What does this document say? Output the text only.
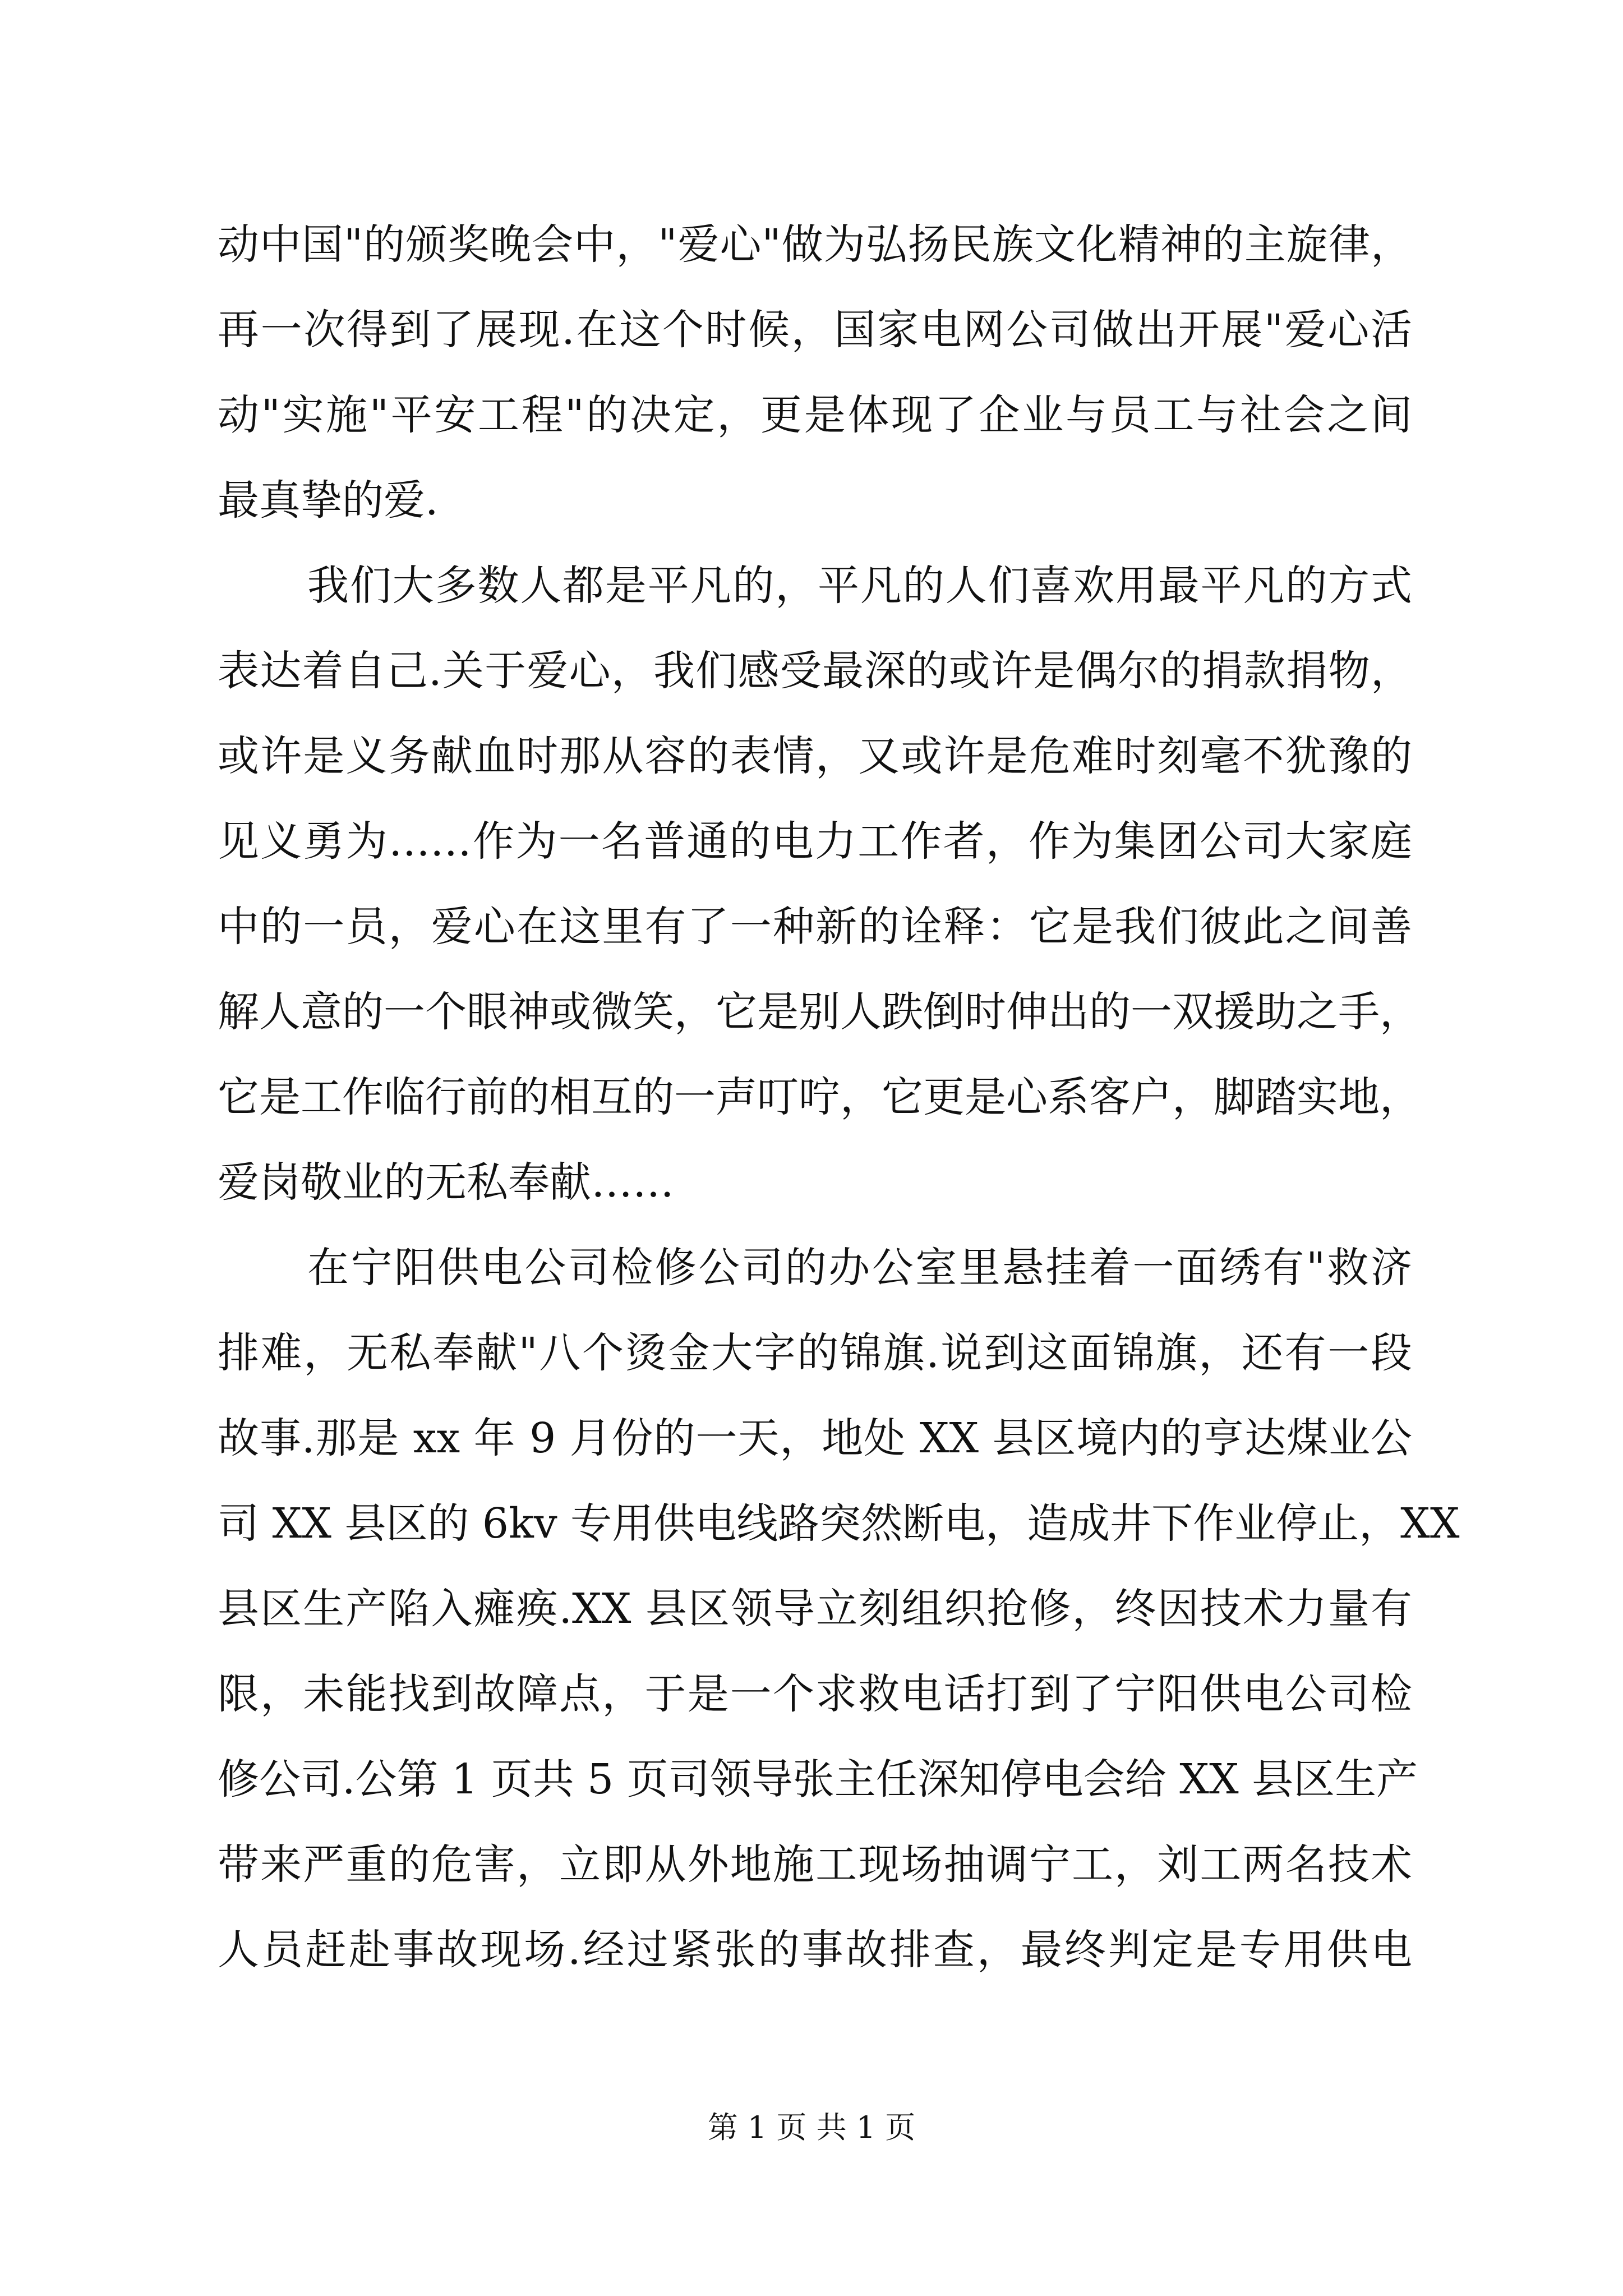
动中国"的颁奖晚会中，"爱心"做为弘扬民族文化精神的主旋律，
再一次得到了展现.在这个时候，国家电网公司做出开展"爱心活
动"实施"平安工程"的决定，更是体现了企业与员工与社会之间
最真挚的爱.
我们大多数人都是平凡的，平凡的人们喜欢用最平凡的方式
表达着自己.关于爱心，我们感受最深的或许是偶尔的捐款捐物，
或许是义务献血时那从容的表情，又或许是危难时刻毫不犹豫的
见义勇为……作为一名普通的电力工作者，作为集团公司大家庭
中的一员，爱心在这里有了一种新的诠释：它是我们彼此之间善
解人意的一个眼神或微笑，它是别人跌倒时伸出的一双援助之手，
它是工作临行前的相互的一声叮咛，它更是心系客户，脚踏实地，
爱岗敬业的无私奉献……
在宁阳供电公司检修公司的办公室里悬挂着一面绣有"救济
排难，无私奉献"八个烫金大字的锦旗.说到这面锦旗，还有一段
故事.那是 xx 年 9 月份的一天，地处 XX 县区境内的亨达煤业公
司 XX 县区的 6kv 专用供电线路突然断电，造成井下作业停止，XX
县区生产陷入瘫痪.XX 县区领导立刻组织抢修，终因技术力量有
限，未能找到故障点，于是一个求救电话打到了宁阳供电公司检
修公司.公第 1 页共 5 页司领导张主任深知停电会给 XX 县区生产
带来严重的危害，立即从外地施工现场抽调宁工，刘工两名技术
人员赶赴事故现场.经过紧张的事故排查，最终判定是专用供电
第 1 页 共 1 页
